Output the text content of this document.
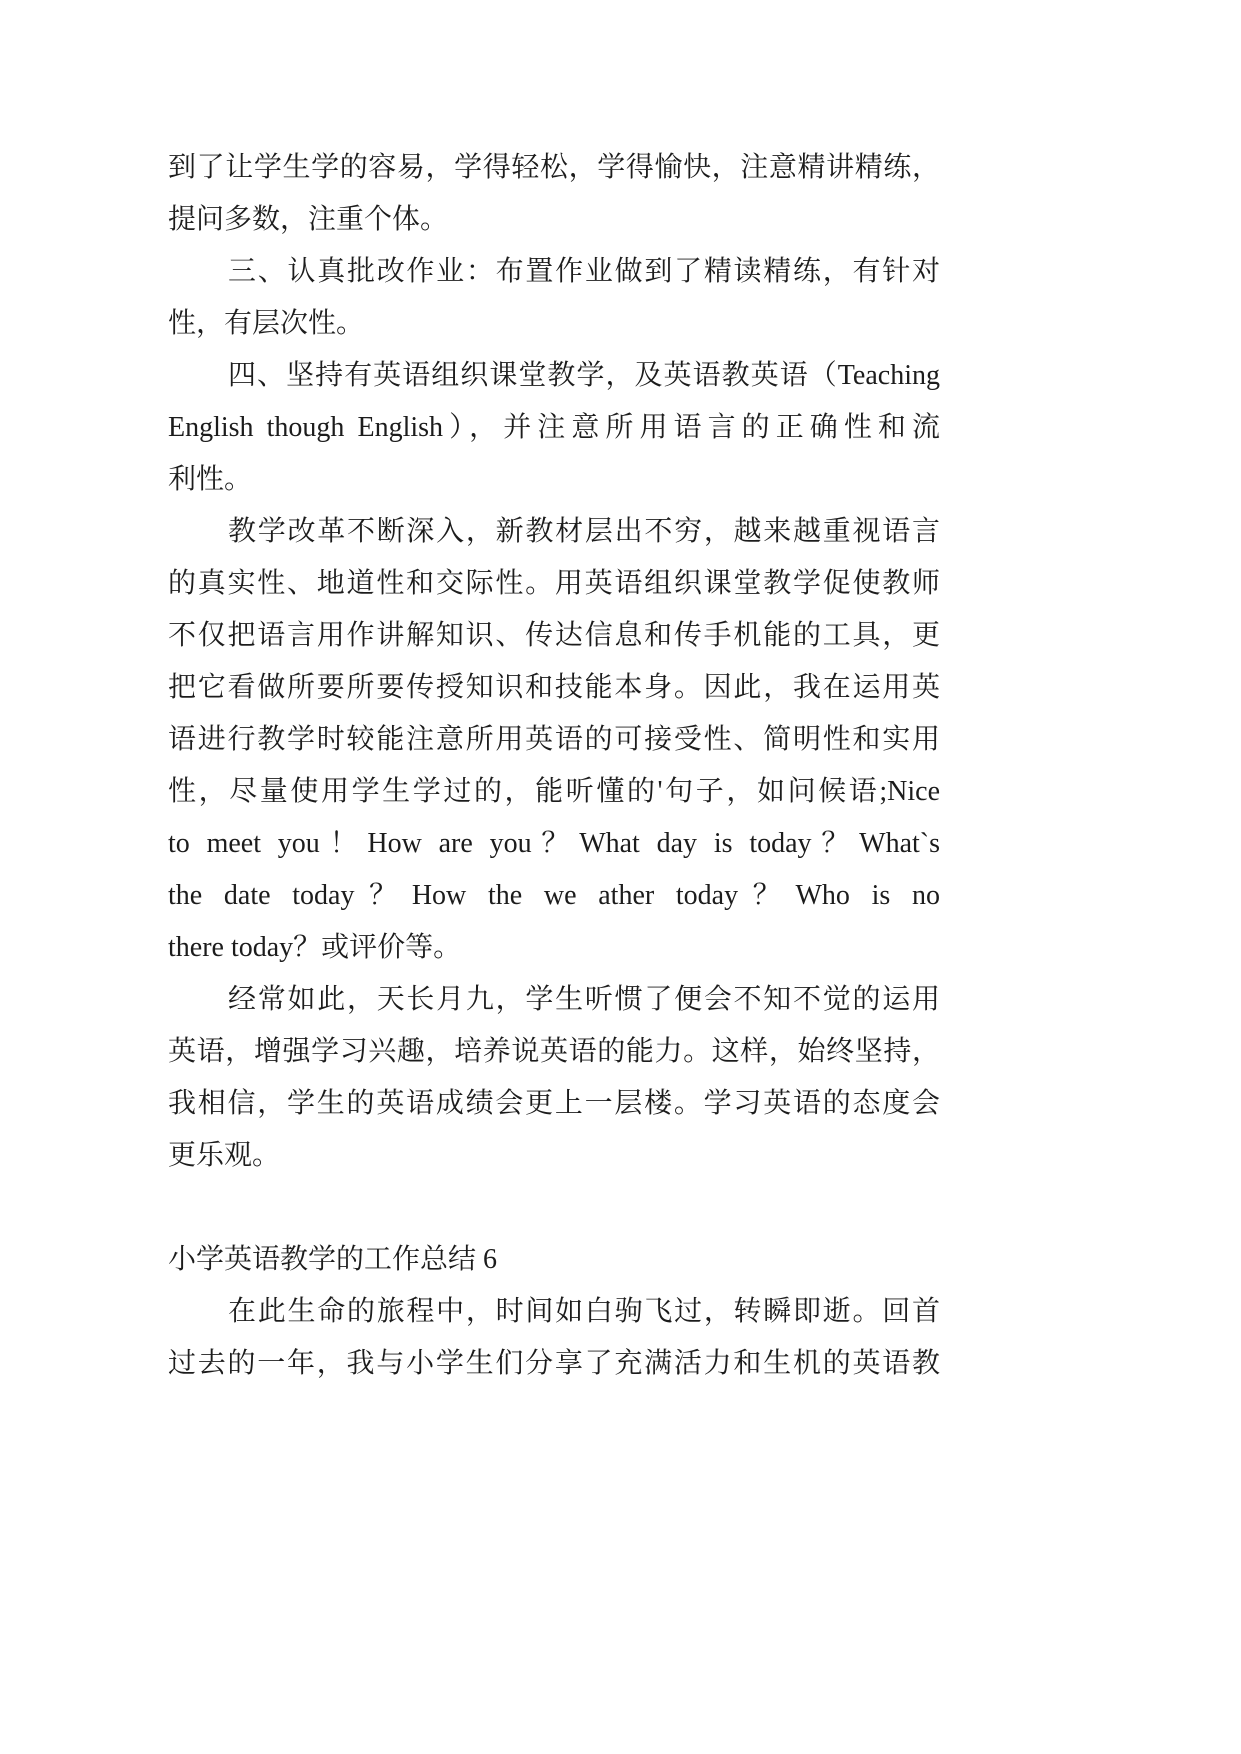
到了让学生学的容易，学得轻松，学得愉快，注意精讲精练，
提问多数，注重个体。
三、认真批改作业：布置作业做到了精读精练，有针对
性，有层次性。
四、坚持有英语组织课堂教学，及英语教英语（Teaching
English though English），并注意所用语言的正确性和流
利性。
教学改革不断深入，新教材层出不穷，越来越重视语言
的真实性、地道性和交际性。用英语组织课堂教学促使教师
不仅把语言用作讲解知识、传达信息和传手机能的工具，更
把它看做所要所要传授知识和技能本身。因此，我在运用英
语进行教学时较能注意所用英语的可接受性、简明性和实用
性，尽量使用学生学过的，能听懂的'句子，如问候语;Nice
to meet you！How are you？What day is today？What`s
the date today？How the we ather today？Who is no
there today？或评价等。
经常如此，天长月九，学生听惯了便会不知不觉的运用
英语，增强学习兴趣，培养说英语的能力。这样，始终坚持，
我相信，学生的英语成绩会更上一层楼。学习英语的态度会
更乐观。
小学英语教学的工作总结 6
在此生命的旅程中，时间如白驹飞过，转瞬即逝。回首
过去的一年，我与小学生们分享了充满活力和生机的英语教
